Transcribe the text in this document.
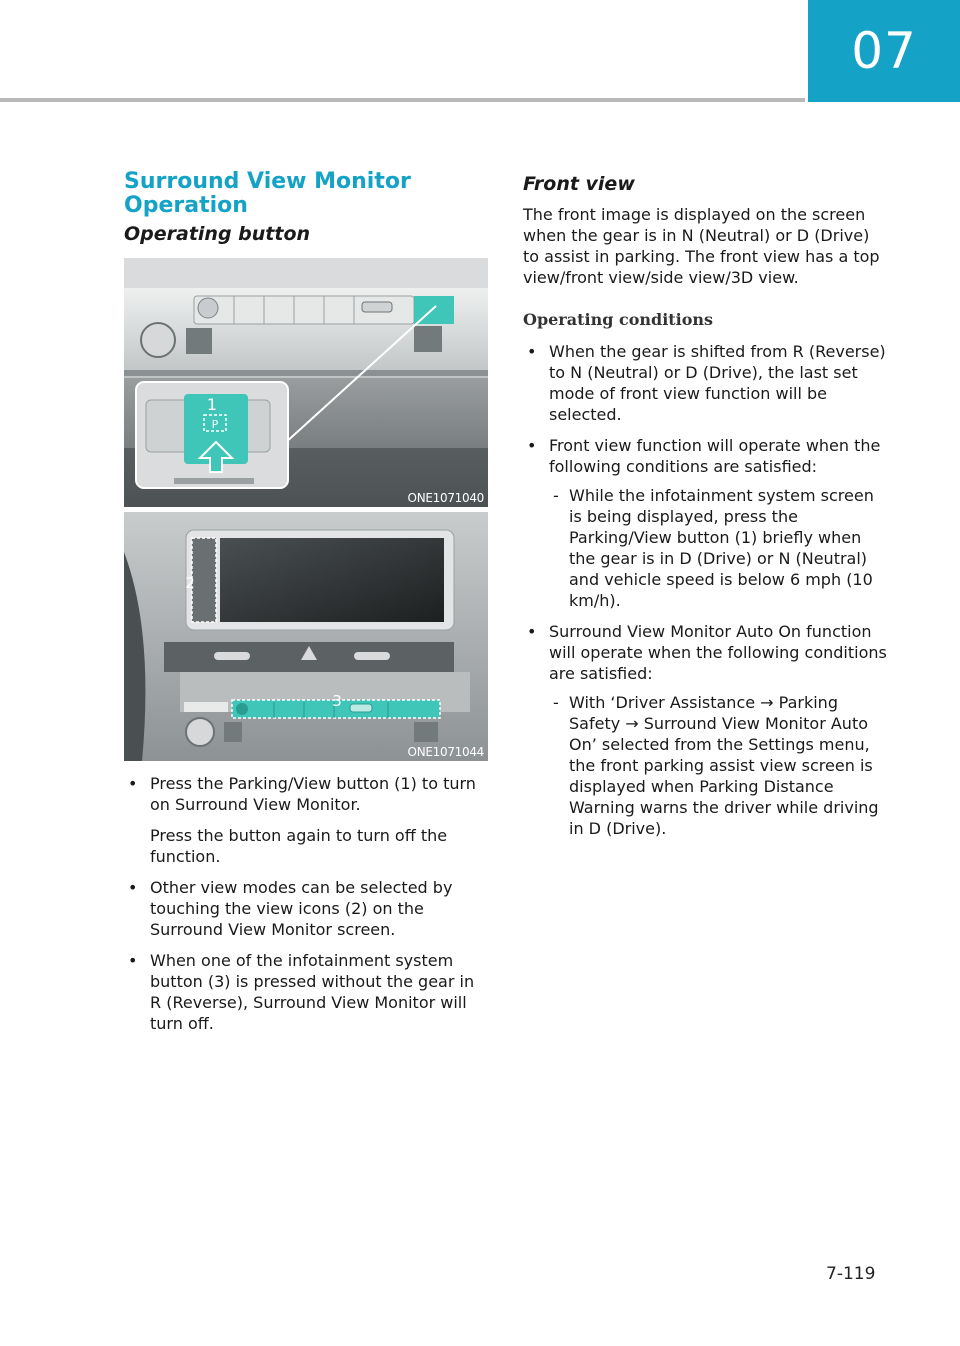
07
Surround View Monitor Operation
Operating button
P
1
ONE1071040
2
3
ONE1071044
• Press the Parking/View button (1) to turn on Surround View Monitor.
Press the button again to turn off the function.
• Other view modes can be selected by touching the view icons (2) on the Surround View Monitor screen.
• When one of the infotainment system button (3) is pressed without the gear in R (Reverse), Surround View Monitor will turn off.
Front view

The front image is displayed on the screen when the gear is in N (Neutral) or D (Drive) to assist in parking. The front view has a top view/front view/side view/3D view.

Operating conditions
• When the gear is shifted from R (Reverse) to N (Neutral) or D (Drive), the last set mode of front view function will be selected.
• Front view function will operate when the following conditions are satisfied:
- While the infotainment system screen is being displayed, press the Parking/View button (1) briefly when the gear is in D (Drive) or N (Neutral) and vehicle speed is below 6 mph (10 km/h).
• Surround View Monitor Auto On function will operate when the following conditions are satisfied:
- With ‘Driver Assistance → Parking Safety → Surround View Monitor Auto On’ selected from the Settings menu, the front parking assist view screen is displayed when Parking Distance Warning warns the driver while driving in D (Drive).
7-119
